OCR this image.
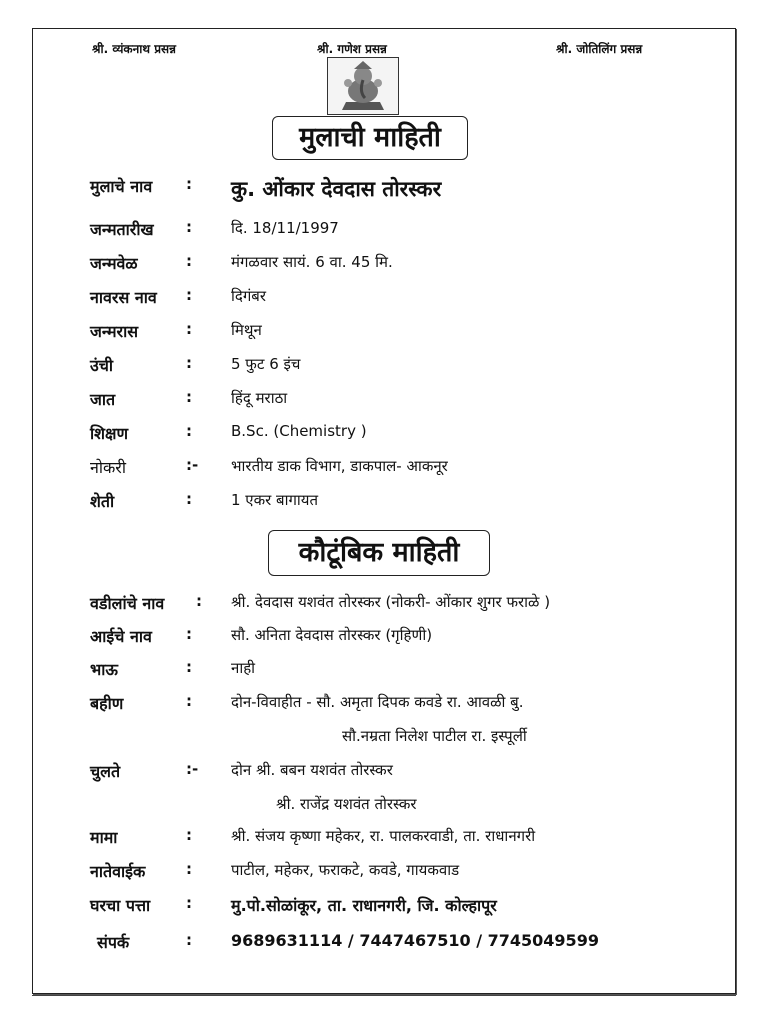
श्री. व्यंकनाथ प्रसन्न	श्री. गणेश प्रसन्न	श्री. जोतिलिंग प्रसन्न
मुलाची माहिती
मुलाचे नाव : कु. ओंकार देवदास तोरस्कर
जन्मतारीख :	दि. 18/11/1997
जन्मवेळ	:	मंगळवार सायं. 6 वा. 45 मि.
नावरस नाव :	दिगंबर
जन्मरास	:	मिथून
उंची	:	5 फुट 6 इंच
जात	:	हिंदू मराठा
शिक्षण	:	B.Sc. (Chemistry )
नोकरी	:- भारतीय डाक विभाग, डाकपाल- आकनूर
शेती	:	1 एकर बागायत
कौटूंबिक माहिती
वडीलांचे नाव : श्री. देवदास यशवंत तोरस्कर (नोकरी- ओंकार शुगर फराळे )
आईचे नाव :	सौ. अनिता देवदास तोरस्कर (गृहिणी)
भाऊ	:	नाही
बहीण	:	दोन-विवाहीत - सौ. अमृता दिपक कवडे रा. आवळी बु.
सौ.नम्रता निलेश पाटील रा. इस्पूर्ली
चुलते	:- दोन श्री. बबन यशवंत तोरस्कर
श्री. राजेंद्र यशवंत तोरस्कर
मामा	:	श्री. संजय कृष्णा महेकर, रा. पालकरवाडी, ता. राधानगरी
नातेवाईक	:	पाटील, महेकर, फराकटे, कवडे, गायकवाड
घरचा पत्ता : मु.पो.सोळांकूर, ता. राधानगरी, जि. कोल्हापूर
संपर्क	: 9689631114 / 7447467510 / 7745049599
